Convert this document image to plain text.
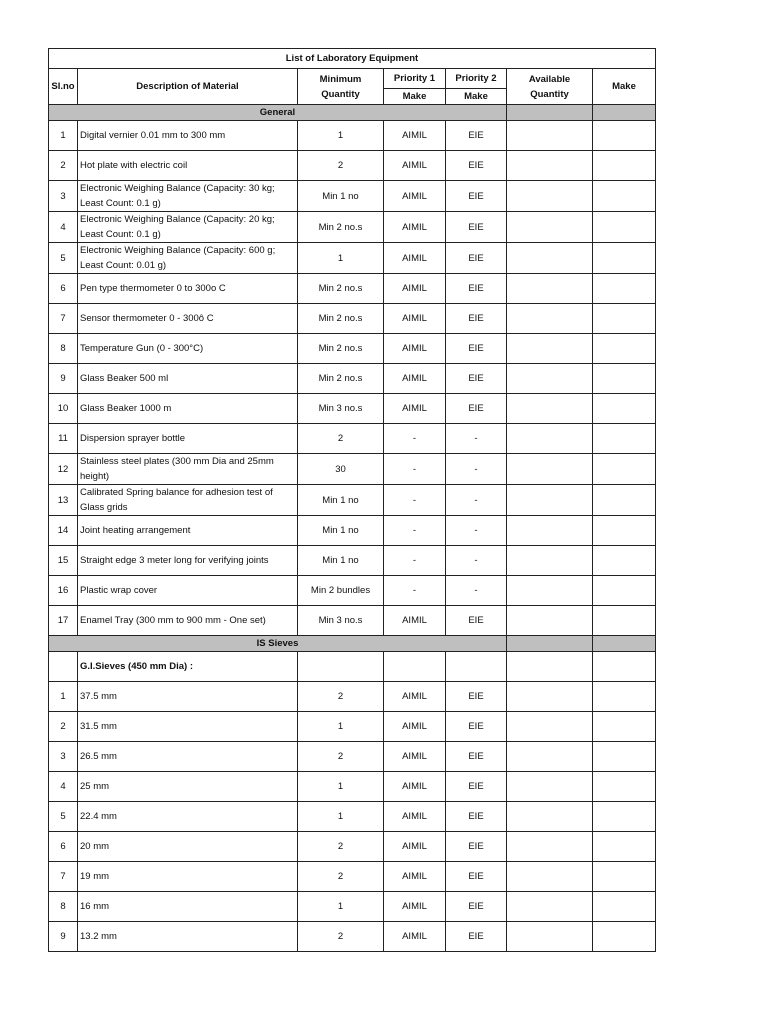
List of Laboratory Equipment						
Sl.no	Description of Material	Minimum Quantity	Priority 1	Priority 2	Available Quantity	Make
			Make	Make		
General						
1	Digital vernier 0.01 mm to 300 mm	1	AIMIL	EIE		
2	Hot plate with electric coil	2	AIMIL	EIE		
3	Electronic Weighing Balance (Capacity: 30 kg; Least Count: 0.1 g)	Min 1 no	AIMIL	EIE		
4	Electronic Weighing Balance (Capacity: 20 kg; Least Count: 0.1 g)	Min 2 no.s	AIMIL	EIE		
5	Electronic Weighing Balance (Capacity: 600 g; Least Count: 0.01 g)	1	AIMIL	EIE		
6	Pen type thermometer 0 to 300o C	Min 2 no.s	AIMIL	EIE		
7	Sensor thermometer 0 - 300ô C	Min 2 no.s	AIMIL	EIE		
8	Temperature Gun (0 - 300°C)	Min 2 no.s	AIMIL	EIE		
9	Glass Beaker 500 ml	Min 2 no.s	AIMIL	EIE		
10	Glass Beaker 1000 m	Min 3 no.s	AIMIL	EIE		
11	Dispersion sprayer bottle	2	-	-		
12	Stainless steel plates (300 mm Dia and 25mm height)	30	-	-		
13	Calibrated Spring balance for adhesion test of Glass grids	Min 1 no	-	-		
14	Joint heating arrangement	Min 1 no	-	-		
15	Straight edge 3 meter long for verifying joints	Min 1 no	-	-		
16	Plastic wrap cover	Min 2 bundles	-	-		
17	Enamel Tray (300 mm to 900 mm - One set)	Min 3 no.s	AIMIL	EIE		
IS Sieves						
	G.I.Sieves (450 mm Dia) :					
1	37.5 mm	2	AIMIL	EIE		
2	31.5 mm	1	AIMIL	EIE		
3	26.5 mm	2	AIMIL	EIE		
4	25 mm	1	AIMIL	EIE		
5	22.4 mm	1	AIMIL	EIE		
6	20 mm	2	AIMIL	EIE		
7	19 mm	2	AIMIL	EIE		
8	16 mm	1	AIMIL	EIE		
9	13.2 mm	2	AIMIL	EIE		
